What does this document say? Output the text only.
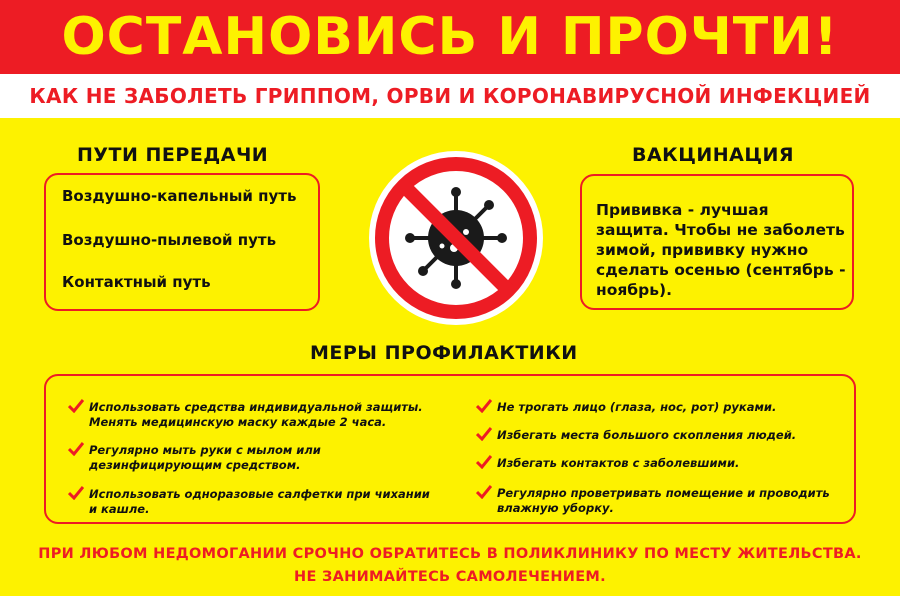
ОСТАНОВИСЬ И ПРОЧТИ!
КАК НЕ ЗАБОЛЕТЬ ГРИППОМ, ОРВИ И КОРОНАВИРУСНОЙ ИНФЕКЦИЕЙ
ПУТИ ПЕРЕДАЧИ
Воздушно-капельный путь
Воздушно-пылевой путь
Контактный путь
ВАКЦИНАЦИЯ
Прививка - лучшая защита. Чтобы не заболеть зимой, прививку нужно сделать осенью (сентябрь - ноябрь).
МЕРЫ ПРОФИЛАКТИКИ
Использовать средства индивидуальной защиты. Менять медицинскую маску каждые 2 часа.
Регулярно мыть руки с мылом или дезинфицирующим средством.
Использовать одноразовые салфетки при чихании и кашле.
Не трогать лицо (глаза, нос, рот) руками.
Избегать места большого скопления людей.
Избегать контактов с заболевшими.
Регулярно проветривать помещение и проводить влажную уборку.
ПРИ ЛЮБОМ НЕДОМОГАНИИ СРОЧНО ОБРАТИТЕСЬ В ПОЛИКЛИНИКУ ПО МЕСТУ ЖИТЕЛЬСТВА.
НЕ ЗАНИМАЙТЕСЬ САМОЛЕЧЕНИЕМ.
